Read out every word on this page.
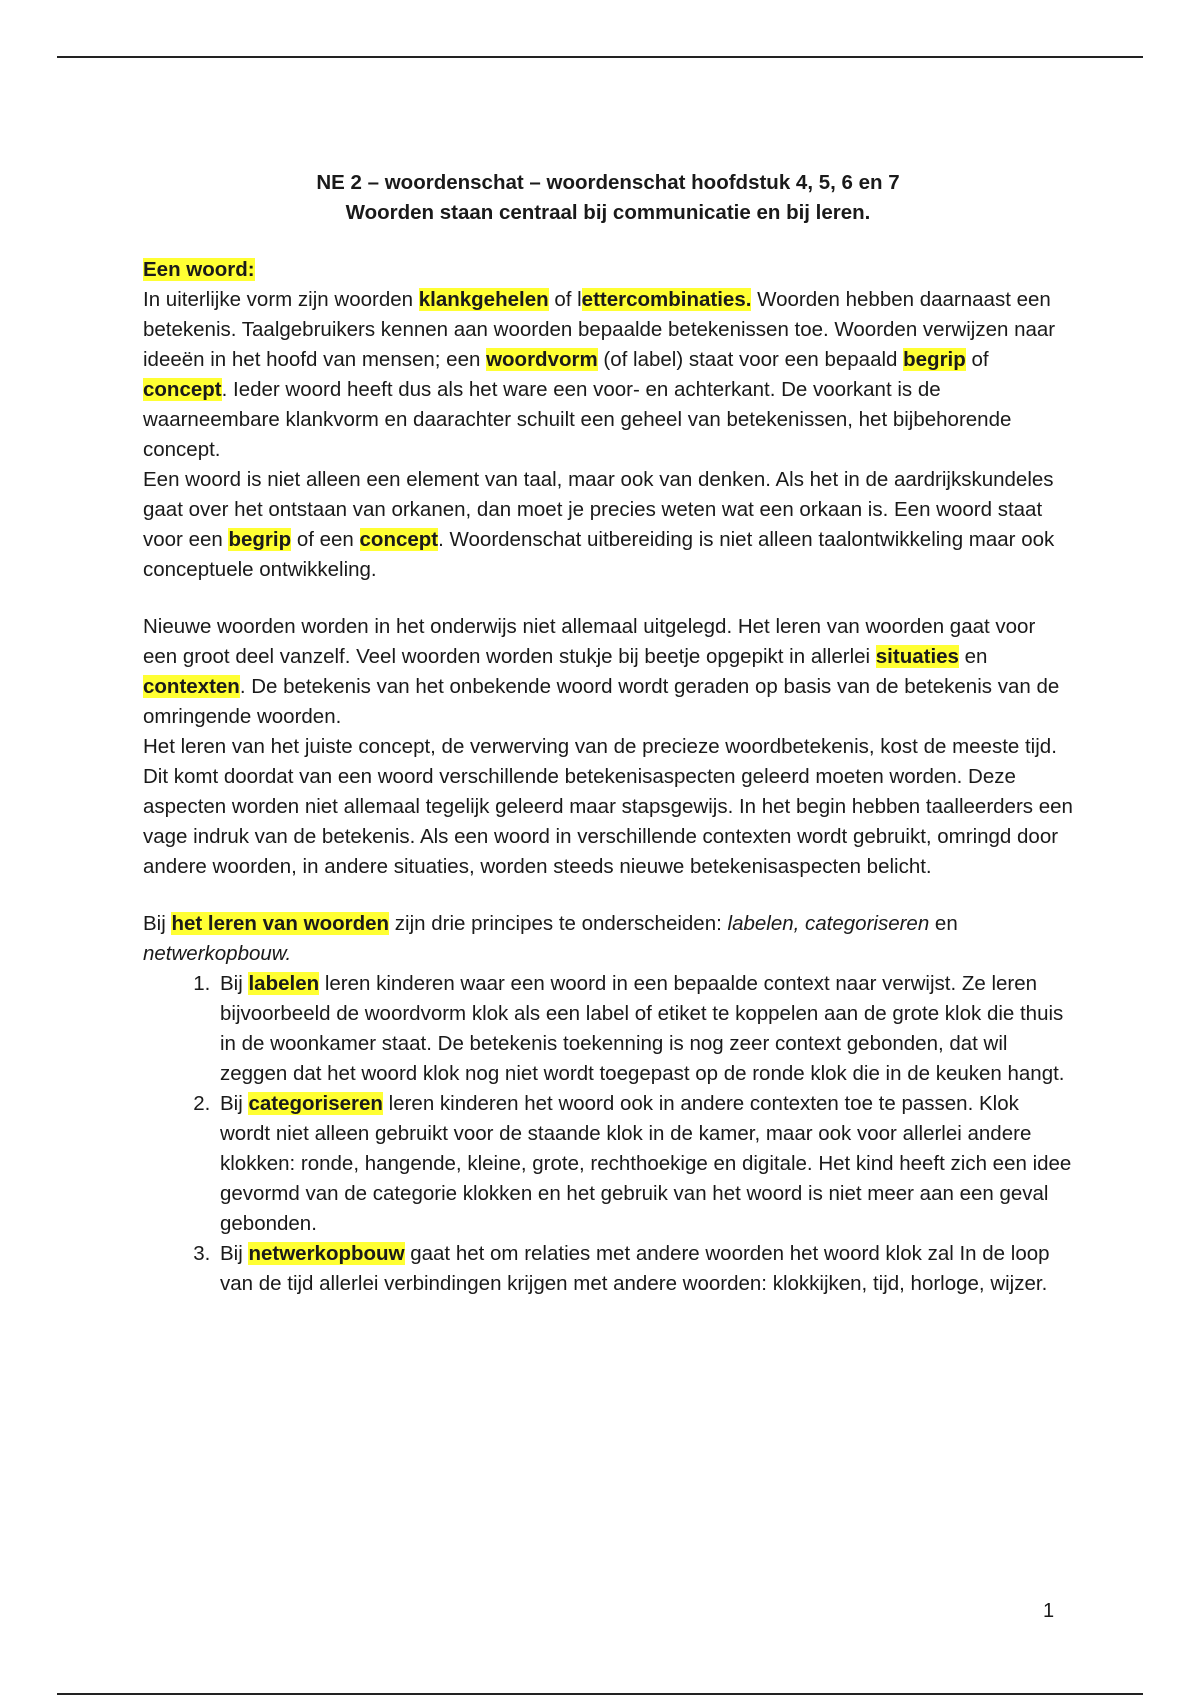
NE 2 – woordenschat – woordenschat hoofdstuk 4, 5, 6 en 7
Woorden staan centraal bij communicatie en bij leren.

Een woord:

In uiterlijke vorm zijn woorden klankgehelen of lettercombinaties. Woorden hebben daarnaast een betekenis. Taalgebruikers kennen aan woorden bepaalde betekenissen toe. Woorden verwijzen naar ideeën in het hoofd van mensen; een woordvorm (of label) staat voor een bepaald begrip of concept. Ieder woord heeft dus als het ware een voor- en achterkant. De voorkant is de waarneembare klankvorm en daarachter schuilt een geheel van betekenissen, het bijbehorende concept.

Een woord is niet alleen een element van taal, maar ook van denken. Als het in de aardrijkskundeles gaat over het ontstaan van orkanen, dan moet je precies weten wat een orkaan is. Een woord staat voor een begrip of een concept. Woordenschat uitbereiding is niet alleen taalontwikkeling maar ook conceptuele ontwikkeling.

Nieuwe woorden worden in het onderwijs niet allemaal uitgelegd. Het leren van woorden gaat voor een groot deel vanzelf. Veel woorden worden stukje bij beetje opgepikt in allerlei situaties en contexten. De betekenis van het onbekende woord wordt geraden op basis van de betekenis van de omringende woorden.

Het leren van het juiste concept, de verwerving van de precieze woordbetekenis, kost de meeste tijd. Dit komt doordat van een woord verschillende betekenisaspecten geleerd moeten worden. Deze aspecten worden niet allemaal tegelijk geleerd maar stapsgewijs. In het begin hebben taalleerders een vage indruk van de betekenis. Als een woord in verschillende contexten wordt gebruikt, omringd door andere woorden, in andere situaties, worden steeds nieuwe betekenisaspecten belicht.

Bij het leren van woorden zijn drie principes te onderscheiden: labelen, categoriseren en netwerkopbouw.

1. Bij labelen leren kinderen waar een woord in een bepaalde context naar verwijst. Ze leren bijvoorbeeld de woordvorm klok als een label of etiket te koppelen aan de grote klok die thuis in de woonkamer staat. De betekenis toekenning is nog zeer context gebonden, dat wil zeggen dat het woord klok nog niet wordt toegepast op de ronde klok die in de keuken hangt.
2. Bij categoriseren leren kinderen het woord ook in andere contexten toe te passen. Klok wordt niet alleen gebruikt voor de staande klok in de kamer, maar ook voor allerlei andere klokken: ronde, hangende, kleine, grote, rechthoekige en digitale. Het kind heeft zich een idee gevormd van de categorie klokken en het gebruik van het woord is niet meer aan een geval gebonden.
3. Bij netwerkopbouw gaat het om relaties met andere woorden het woord klok zal In de loop van de tijd allerlei verbindingen krijgen met andere woorden: klokkijken, tijd, horloge, wijzer.
1
